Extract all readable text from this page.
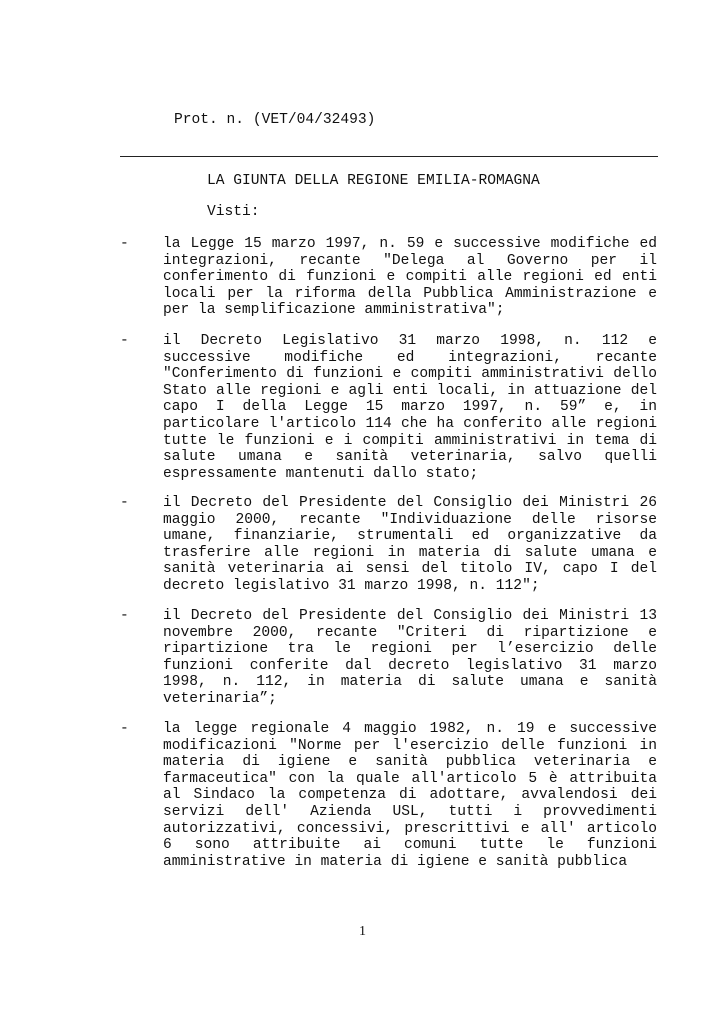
Prot. n. (VET/04/32493)
LA GIUNTA DELLA REGIONE EMILIA-ROMAGNA
Visti:
-	la Legge 15 marzo 1997, n. 59 e successive modifiche ed
integrazioni, recante "Delega al Governo per il
conferimento di funzioni e compiti alle regioni ed enti
locali per la riforma della Pubblica Amministrazione e
per la semplificazione amministrativa";
-	il Decreto Legislativo 31 marzo 1998, n. 112 e
successive modifiche ed integrazioni, recante
"Conferimento di funzioni e compiti amministrativi dello
Stato alle regioni e agli enti locali, in attuazione del
capo I della Legge 15 marzo 1997, n. 59” e, in
particolare l'articolo 114 che ha conferito alle regioni
tutte le funzioni e i compiti amministrativi in tema di
salute umana e sanità veterinaria, salvo quelli
espressamente mantenuti dallo stato;
-	il Decreto del Presidente del Consiglio dei Ministri 26
maggio 2000, recante "Individuazione delle risorse
umane, finanziarie, strumentali ed organizzative da
trasferire alle regioni in materia di salute umana e
sanità veterinaria ai sensi del titolo IV, capo I del
decreto legislativo 31 marzo 1998, n. 112";
-	il Decreto del Presidente del Consiglio dei Ministri 13
novembre 2000, recante "Criteri di ripartizione e
ripartizione tra le regioni per l’esercizio delle
funzioni conferite dal decreto legislativo 31 marzo
1998, n. 112, in materia di salute umana e sanità
veterinaria”;
-	la legge regionale 4 maggio 1982, n. 19 e successive
modificazioni "Norme per l'esercizio delle funzioni in
materia di igiene e sanità pubblica veterinaria e
farmaceutica" con la quale all'articolo 5 è attribuita
al Sindaco la competenza di adottare, avvalendosi dei
servizi dell' Azienda USL, tutti i provvedimenti
autorizzativi, concessivi, prescrittivi e all' articolo
6 sono attribuite ai comuni tutte le funzioni
amministrative in materia di igiene e sanità pubblica
1
